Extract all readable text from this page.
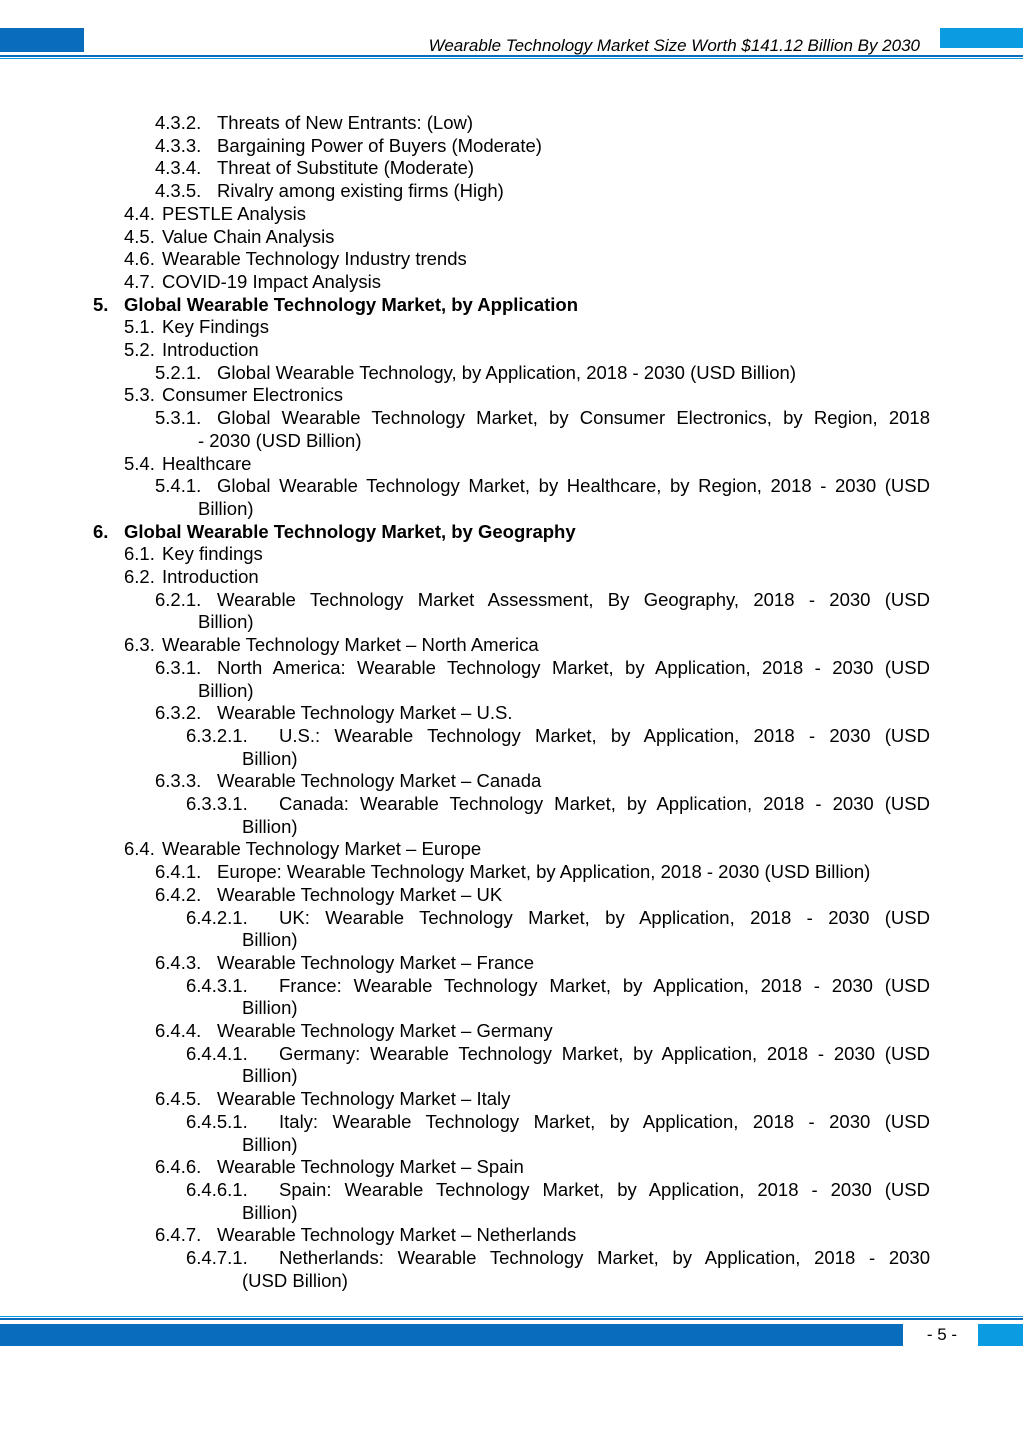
Wearable Technology Market Size Worth $141.12 Billion By 2030
4.3.2. Threats of New Entrants: (Low)
4.3.3. Bargaining Power of Buyers (Moderate)
4.3.4. Threat of Substitute (Moderate)
4.3.5. Rivalry among existing firms (High)
4.4. PESTLE Analysis
4.5. Value Chain Analysis
4.6. Wearable Technology Industry trends
4.7. COVID-19 Impact Analysis
5. Global Wearable Technology Market, by Application
5.1. Key Findings
5.2. Introduction
5.2.1. Global Wearable Technology, by Application, 2018 - 2030 (USD Billion)
5.3. Consumer Electronics
5.3.1. Global Wearable Technology Market, by Consumer Electronics, by Region, 2018
- 2030 (USD Billion)
5.4. Healthcare
5.4.1. Global Wearable Technology Market, by Healthcare, by Region, 2018 - 2030 (USD
Billion)
6. Global Wearable Technology Market, by Geography
6.1. Key findings
6.2. Introduction
6.2.1. Wearable Technology Market Assessment, By Geography, 2018 - 2030 (USD
Billion)
6.3. Wearable Technology Market – North America
6.3.1. North America: Wearable Technology Market, by Application, 2018 - 2030 (USD
Billion)
6.3.2. Wearable Technology Market – U.S.
6.3.2.1. U.S.: Wearable Technology Market, by Application, 2018 - 2030 (USD
Billion)
6.3.3. Wearable Technology Market – Canada
6.3.3.1. Canada: Wearable Technology Market, by Application, 2018 - 2030 (USD
Billion)
6.4. Wearable Technology Market – Europe
6.4.1. Europe: Wearable Technology Market, by Application, 2018 - 2030 (USD Billion)
6.4.2. Wearable Technology Market – UK
6.4.2.1. UK: Wearable Technology Market, by Application, 2018 - 2030 (USD
Billion)
6.4.3. Wearable Technology Market – France
6.4.3.1. France: Wearable Technology Market, by Application, 2018 - 2030 (USD
Billion)
6.4.4. Wearable Technology Market – Germany
6.4.4.1. Germany: Wearable Technology Market, by Application, 2018 - 2030 (USD
Billion)
6.4.5. Wearable Technology Market – Italy
6.4.5.1. Italy: Wearable Technology Market, by Application, 2018 - 2030 (USD
Billion)
6.4.6. Wearable Technology Market – Spain
6.4.6.1. Spain: Wearable Technology Market, by Application, 2018 - 2030 (USD
Billion)
6.4.7. Wearable Technology Market – Netherlands
6.4.7.1. Netherlands: Wearable Technology Market, by Application, 2018 - 2030
(USD Billion)
- 5 -
